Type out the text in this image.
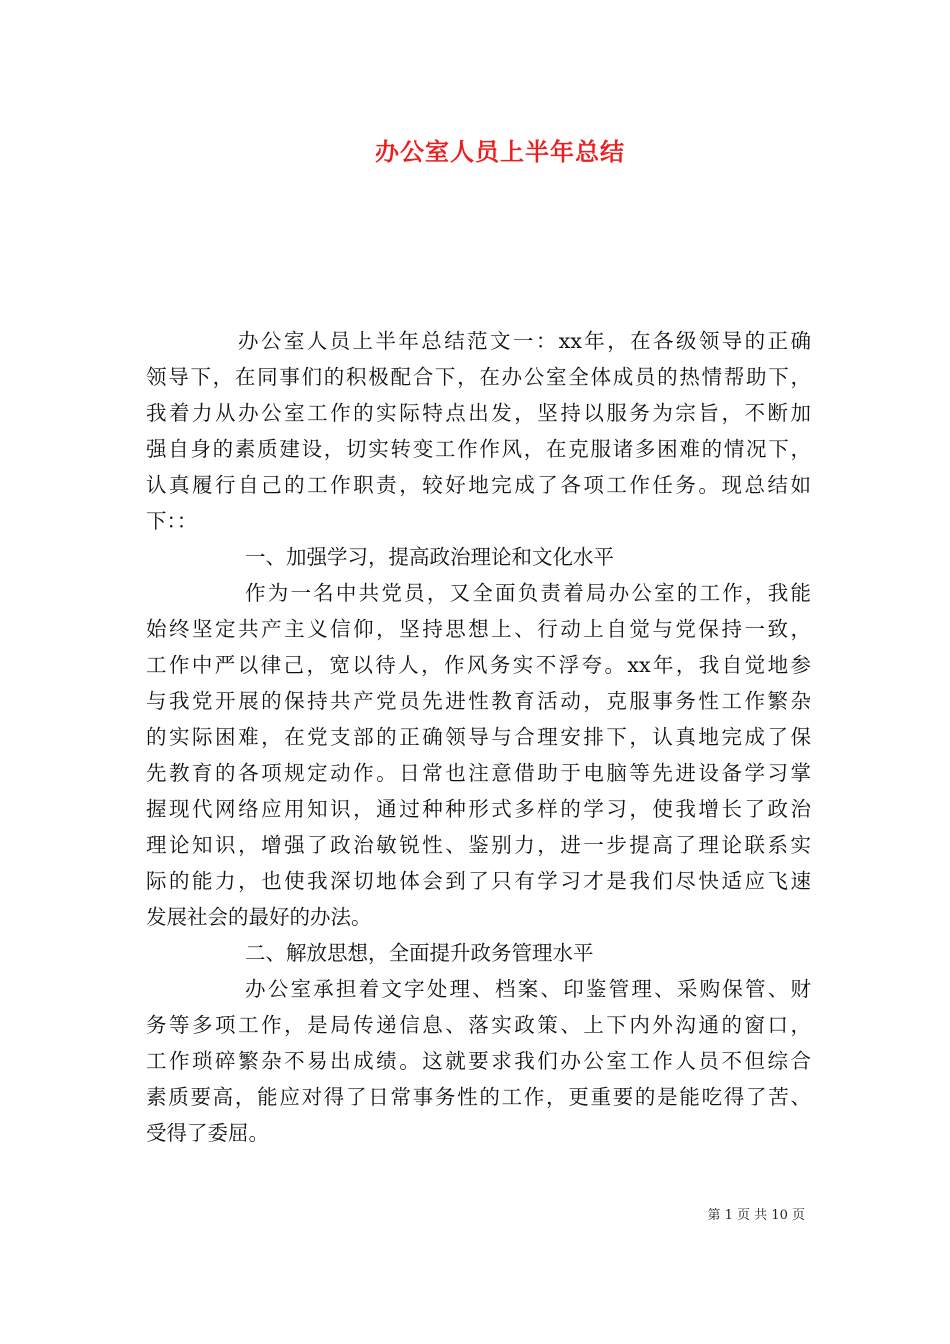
办公室人员上半年总结
办公室人员上半年总结范文一：xx年，在各级领导的正确
领导下，在同事们的积极配合下，在办公室全体成员的热情帮助下，
我着力从办公室工作的实际特点出发，坚持以服务为宗旨，不断加
强自身的素质建设，切实转变工作作风，在克服诸多困难的情况下，
认真履行自己的工作职责，较好地完成了各项工作任务。现总结如
下：：
一、加强学习，提高政治理论和文化水平
作为一名中共党员，又全面负责着局办公室的工作，我能
始终坚定共产主义信仰，坚持思想上、行动上自觉与党保持一致，
工作中严以律己，宽以待人，作风务实不浮夸。xx年，我自觉地参
与我党开展的保持共产党员先进性教育活动，克服事务性工作繁杂
的实际困难，在党支部的正确领导与合理安排下，认真地完成了保
先教育的各项规定动作。日常也注意借助于电脑等先进设备学习掌
握现代网络应用知识，通过种种形式多样的学习，使我增长了政治
理论知识，增强了政治敏锐性、鉴别力，进一步提高了理论联系实
际的能力，也使我深切地体会到了只有学习才是我们尽快适应飞速
发展社会的最好的办法。
二、解放思想，全面提升政务管理水平
办公室承担着文字处理、档案、印鉴管理、采购保管、财
务等多项工作，是局传递信息、落实政策、上下内外沟通的窗口，
工作琐碎繁杂不易出成绩。这就要求我们办公室工作人员不但综合
素质要高，能应对得了日常事务性的工作，更重要的是能吃得了苦、
受得了委屈。
第 1 页 共 10 页
